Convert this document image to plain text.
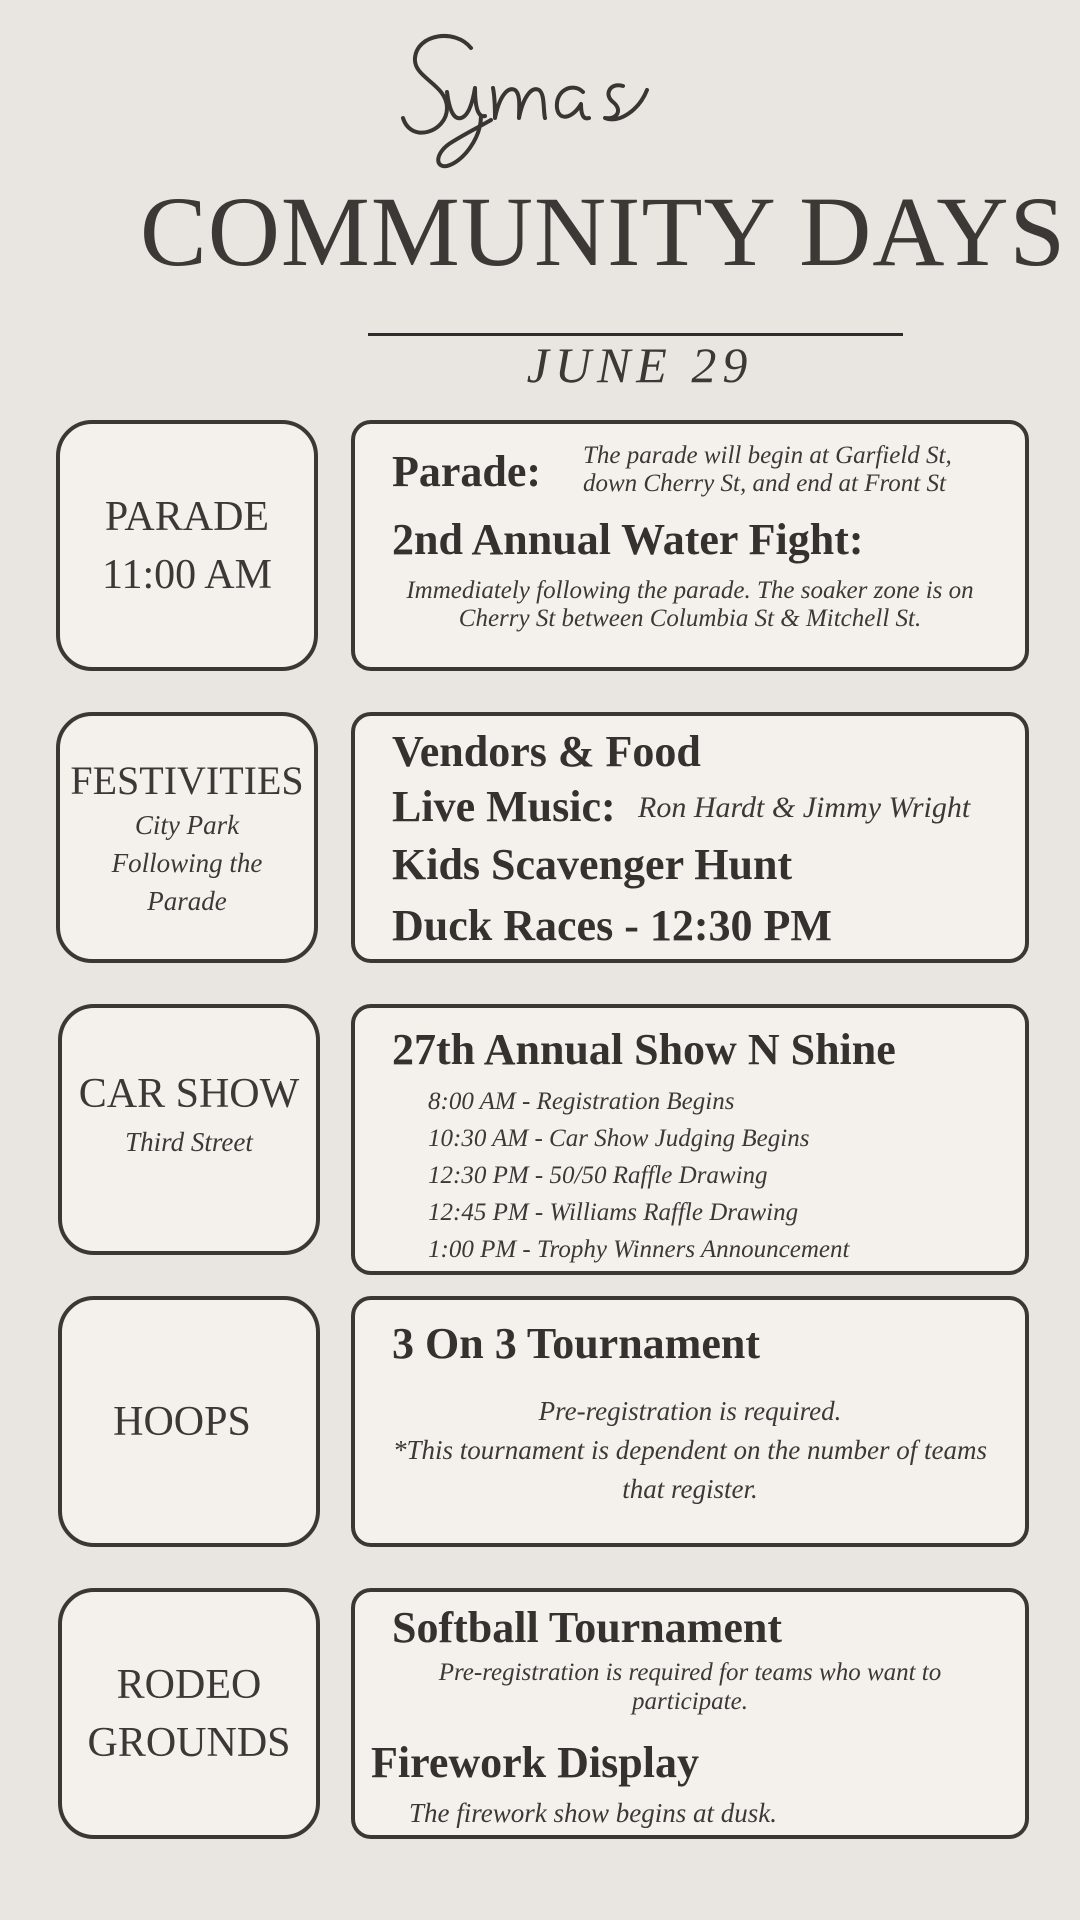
COMMUNITY DAYS
JUNE 29
PARADE
11:00 AM
Parade: The parade will begin at Garfield St,
down Cherry St, and end at Front St
2nd Annual Water Fight:
Immediately following the parade. The soaker zone is on
Cherry St between Columbia St & Mitchell St.
FESTIVITIES
City Park
Following the
Parade
Vendors & Food
Live Music: Ron Hardt & Jimmy Wright
Kids Scavenger Hunt
Duck Races - 12:30 PM
CAR SHOW
Third Street
27th Annual Show N Shine
8:00 AM - Registration Begins
10:30 AM - Car Show Judging Begins
12:30 PM - 50/50 Raffle Drawing
12:45 PM - Williams Raffle Drawing
1:00 PM - Trophy Winners Announcement
HOOPS
3 On 3 Tournament
Pre-registration is required.
*This tournament is dependent on the number of teams
that register.
RODEO
GROUNDS
Softball Tournament
Pre-registration is required for teams who want to
participate.
Firework Display
The firework show begins at dusk.
